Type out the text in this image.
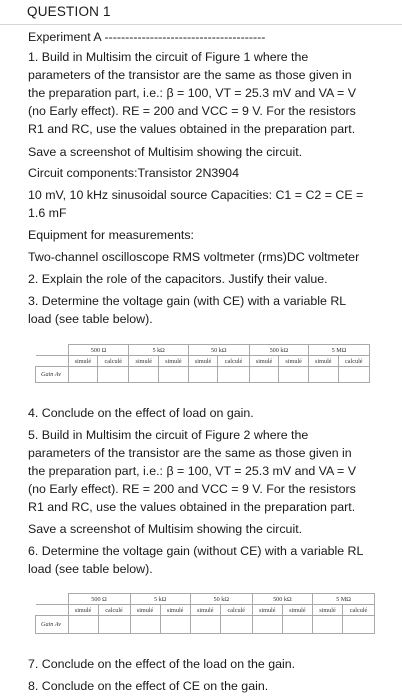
QUESTION 1
Experiment A ---------------------------------------
1. Build in Multisim the circuit of Figure 1 where the
parameters of the transistor are the same as those given in
the preparation part, i.e.: β = 100, VT = 25.3 mV and VA = V
(no Early effect). RE = 200 and VCC = 9 V. For the resistors
R1 and RC, use the values obtained in the preparation part.
Save a screenshot of Multisim showing the circuit.
Circuit components:Transistor 2N3904
10 mV, 10 kHz sinusoidal source Capacities: C1 = C2 = CE =
1.6 mF
Equipment for measurements:
Two-channel oscilloscope RMS voltmeter (rms)DC voltmeter
2. Explain the role of the capacitors. Justify their value.
3. Determine the voltage gain (with CE) with a variable RL
load (see table below).
	500 Ω		5 kΩ		50 kΩ		500 kΩ		5 MΩ	
	simulé	calculé	simulé	simulé	simulé	calculé	simulé	simulé	simulé	calculé
Gain Av										
4. Conclude on the effect of load on gain.
5. Build in Multisim the circuit of Figure 2 where the
parameters of the transistor are the same as those given in
the preparation part, i.e.: β = 100, VT = 25.3 mV and VA = V
(no Early effect). RE = 200 and VCC = 9 V. For the resistors
R1 and RC, use the values obtained in the preparation part.
Save a screenshot of Multisim showing the circuit.
6. Determine the voltage gain (without CE) with a variable RL
load (see table below).
	500 Ω		5 kΩ		50 kΩ		500 kΩ		5 MΩ	
	simulé	calculé	simulé	simulé	simulé	calculé	simulé	simulé	simulé	calculé
Gain Av										
7. Conclude on the effect of the load on the gain.
8. Conclude on the effect of CE on the gain.
